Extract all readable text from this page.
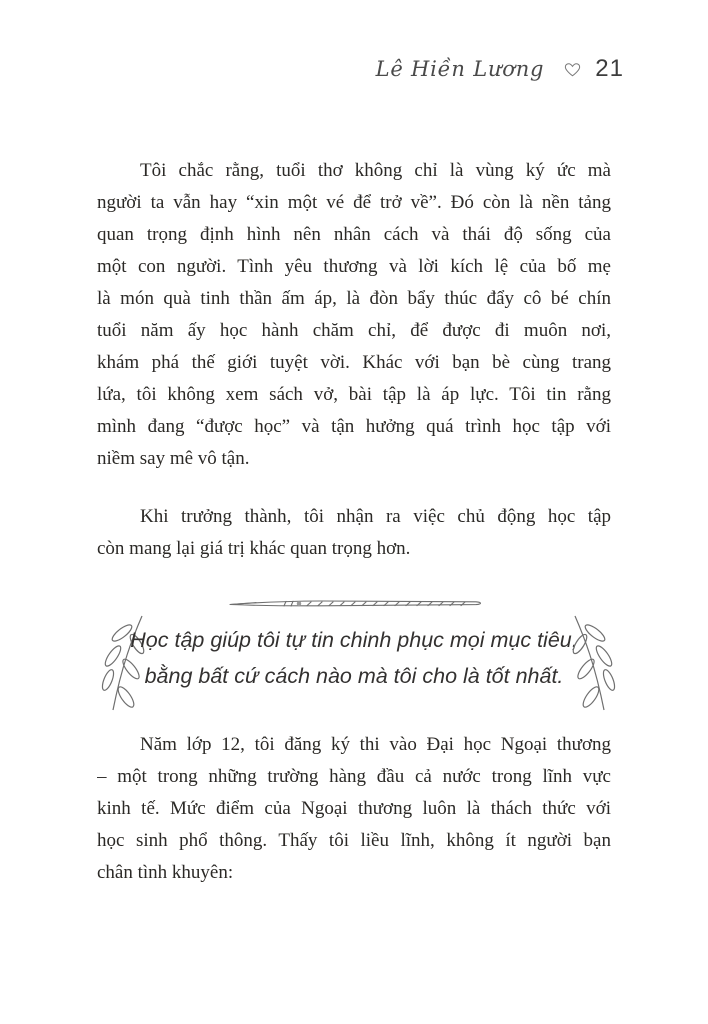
Lê Hiền Lương 21
Tôi chắc rằng, tuổi thơ không chỉ là vùng ký ức mà
người ta vẫn hay “xin một vé để trở về”. Đó còn là nền tảng
quan trọng định hình nên nhân cách và thái độ sống của
một con người. Tình yêu thương và lời kích lệ của bố mẹ
là món quà tinh thần ấm áp, là đòn bẩy thúc đẩy cô bé chín
tuổi năm ấy học hành chăm chỉ, để được đi muôn nơi,
khám phá thế giới tuyệt vời. Khác với bạn bè cùng trang
lứa, tôi không xem sách vở, bài tập là áp lực. Tôi tin rằng
mình đang “được học” và tận hưởng quá trình học tập với
niềm say mê vô tận.
Khi trưởng thành, tôi nhận ra việc chủ động học tập
còn mang lại giá trị khác quan trọng hơn.
Học tập giúp tôi tự tin chinh phục mọi mục tiêu,
bằng bất cứ cách nào mà tôi cho là tốt nhất.
Năm lớp 12, tôi đăng ký thi vào Đại học Ngoại thương
– một trong những trường hàng đầu cả nước trong lĩnh vực
kinh tế. Mức điểm của Ngoại thương luôn là thách thức với
học sinh phổ thông. Thấy tôi liều lĩnh, không ít người bạn
chân tình khuyên:
